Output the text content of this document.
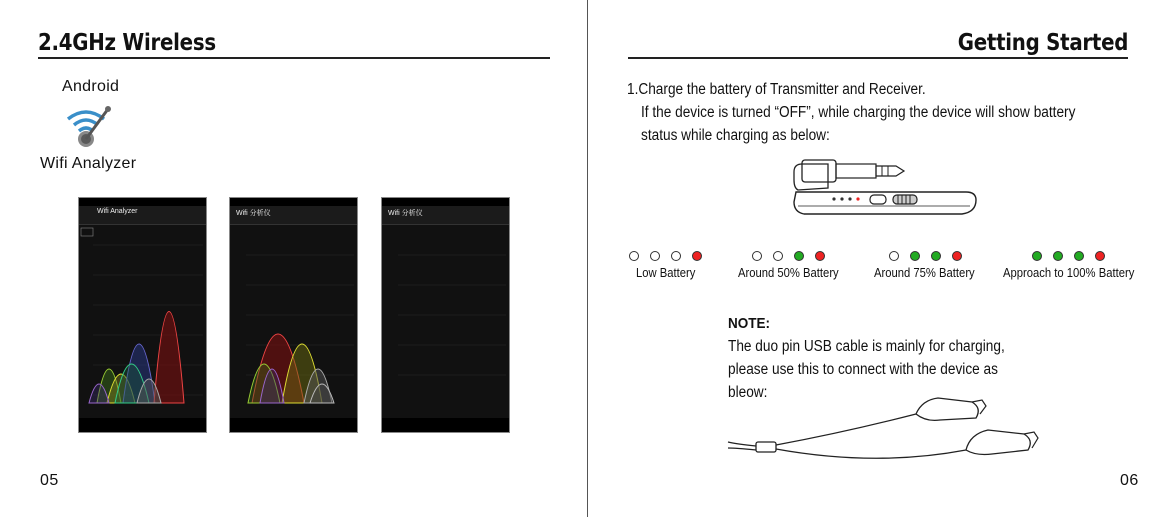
2.4GHz Wireless
Android
Wifi Analyzer
Wifi Analyzer	Wifi 分析仪	Wifi 分析仪
05
Getting Started
1.Charge the battery of Transmitter and Receiver.
If the device is turned “OFF”, while charging the device will show battery
status while charging as below:
Low Battery	Around 50% Battery	Around 75% Battery Approach to 100% Battery
NOTE:
The duo pin USB cable is mainly for charging,
please use this to connect with the device as
bleow:
06
